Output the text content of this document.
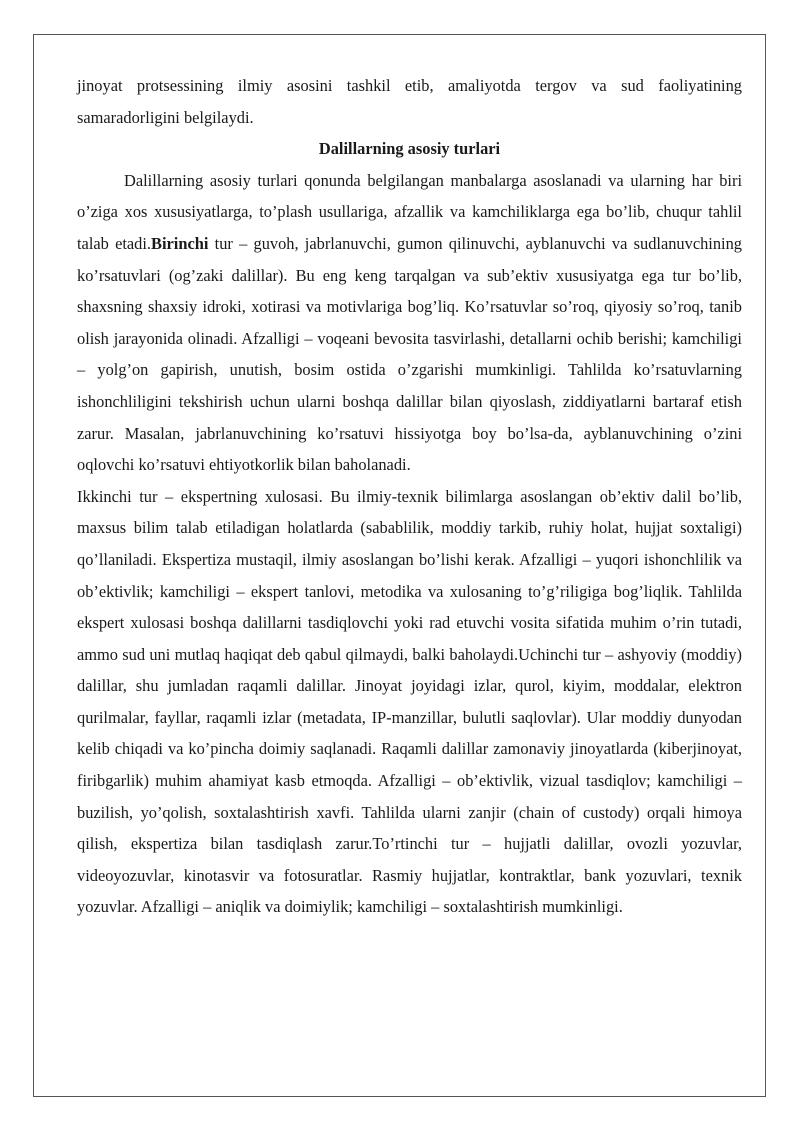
jinoyat protsessining ilmiy asosini tashkil etib, amaliyotda tergov va sud faoliyatining samaradorligini belgilaydi.

Dalillarning asosiy turlari

Dalillarning asosiy turlari qonunda belgilangan manbalarga asoslanadi va ularning har biri o’ziga xos xususiyatlarga, to’plash usullariga, afzallik va kamchiliklarga ega bo’lib, chuqur tahlil talab etadi.Birinchi tur – guvoh, jabrlanuvchi, gumon qilinuvchi, ayblanuvchi va sudlanuvchining ko’rsatuvlari (og’zaki dalillar). Bu eng keng tarqalgan va sub’ektiv xususiyatga ega tur bo’lib, shaxsning shaxsiy idroki, xotirasi va motivlariga bog’liq. Ko’rsatuvlar so’roq, qiyosiy so’roq, tanib olish jarayonida olinadi. Afzalligi – voqeani bevosita tasvirlashi, detallarni ochib berishi; kamchiligi – yolg’on gapirish, unutish, bosim ostida o’zgarishi mumkinligi. Tahlilda ko’rsatuvlarning ishonchliligini tekshirish uchun ularni boshqa dalillar bilan qiyoslash, ziddiyatlarni bartaraf etish zarur. Masalan, jabrlanuvchining ko’rsatuvi hissiyotga boy bo’lsa-da, ayblanuvchining o’zini oqlovchi ko’rsatuvi ehtiyotkorlik bilan baholanadi.

Ikkinchi tur – ekspertning xulosasi. Bu ilmiy-texnik bilimlarga asoslangan ob’ektiv dalil bo’lib, maxsus bilim talab etiladigan holatlarda (sabablilik, moddiy tarkib, ruhiy holat, hujjat soxtaligi) qo’llaniladi. Ekspertiza mustaqil, ilmiy asoslangan bo’lishi kerak. Afzalligi – yuqori ishonchlilik va ob’ektivlik; kamchiligi – ekspert tanlovi, metodika va xulosaning to’g’riligiga bog’liqlik. Tahlilda ekspert xulosasi boshqa dalillarni tasdiqlovchi yoki rad etuvchi vosita sifatida muhim o’rin tutadi, ammo sud uni mutlaq haqiqat deb qabul qilmaydi, balki baholaydi.Uchinchi tur – ashyoviy (moddiy) dalillar, shu jumladan raqamli dalillar. Jinoyat joyidagi izlar, qurol, kiyim, moddalar, elektron qurilmalar, fayllar, raqamli izlar (metadata, IP-manzillar, bulutli saqlovlar). Ular moddiy dunyodan kelib chiqadi va ko’pincha doimiy saqlanadi. Raqamli dalillar zamonaviy jinoyatlarda (kiberjinoyat, firibgarlik) muhim ahamiyat kasb etmoqda. Afzalligi – ob’ektivlik, vizual tasdiqlov; kamchiligi – buzilish, yo’qolish, soxtalashtirish xavfi. Tahlilda ularni zanjir (chain of custody) orqali himoya qilish, ekspertiza bilan tasdiqlash zarur.To’rtinchi tur – hujjatli dalillar, ovozli yozuvlar, videoyozuvlar, kinotasvir va fotosuratlar. Rasmiy hujjatlar, kontraktlar, bank yozuvlari, texnik yozuvlar. Afzalligi – aniqlik va doimiylik; kamchiligi – soxtalashtirish mumkinligi.
